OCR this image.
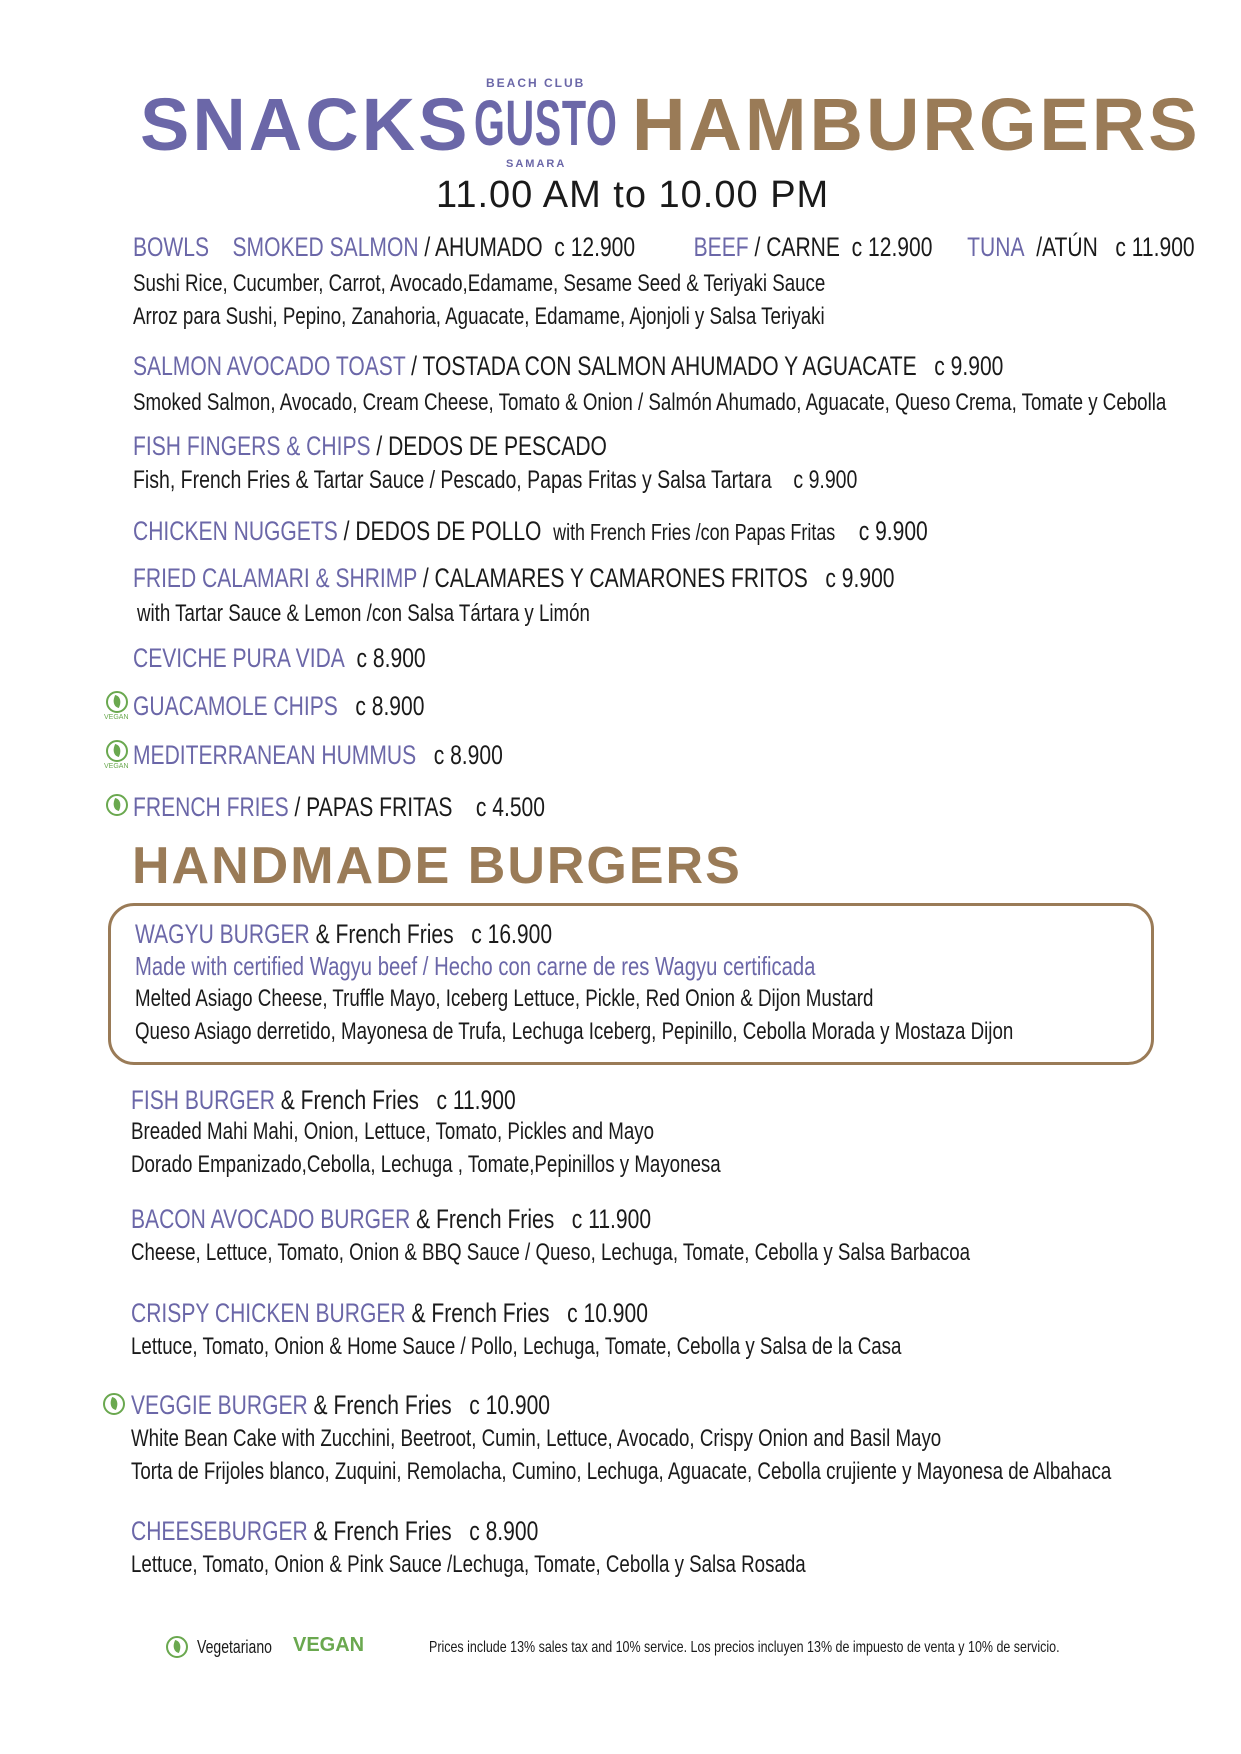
SNACKS HAMBURGERS
BEACH CLUB
GUSTO
SAMARA
11.00 AM to 10.00 PM
BOWLS SMOKED SALMON / AHUMADO c 12.900 BEEF / CARNE c 12.900 TUNA  /ATÚN c 11.900
Sushi Rice, Cucumber, Carrot, Avocado,Edamame, Sesame Seed & Teriyaki Sauce
Arroz para Sushi, Pepino, Zanahoria, Aguacate, Edamame, Ajonjoli y Salsa Teriyaki
SALMON AVOCADO TOAST / TOSTADA CON SALMON AHUMADO Y AGUACATE c 9.900
Smoked Salmon, Avocado, Cream Cheese, Tomato & Onion / Salmón Ahumado, Aguacate, Queso Crema, Tomate y Cebolla
FISH FINGERS & CHIPS / DEDOS DE PESCADO
Fish, French Fries & Tartar Sauce / Pescado, Papas Fritas y Salsa Tartara c 9.900
CHICKEN NUGGETS / DEDOS DE POLLO with French Fries /con Papas Fritas c 9.900
FRIED CALAMARI & SHRIMP / CALAMARES Y CAMARONES FRITOS c 9.900
with Tartar Sauce & Lemon /con Salsa Tártara y Limón
CEVICHE PURA VIDA c 8.900
VEGAN GUACAMOLE CHIPS c 8.900
VEGAN MEDITERRANEAN HUMMUS c 8.900
FRENCH FRIES / PAPAS FRITAS c 4.500
HANDMADE BURGERS
WAGYU BURGER & French Fries c 16.900
Made with certified Wagyu beef / Hecho con carne de res Wagyu certificada
Melted Asiago Cheese, Truffle Mayo, Iceberg Lettuce, Pickle, Red Onion & Dijon Mustard
Queso Asiago derretido, Mayonesa de Trufa, Lechuga Iceberg, Pepinillo, Cebolla Morada y Mostaza Dijon
FISH BURGER & French Fries c 11.900
Breaded Mahi Mahi, Onion, Lettuce, Tomato, Pickles and Mayo
Dorado Empanizado,Cebolla, Lechuga , Tomate,Pepinillos y Mayonesa
BACON AVOCADO BURGER & French Fries c 11.900
Cheese, Lettuce, Tomato, Onion & BBQ Sauce / Queso, Lechuga, Tomate, Cebolla y Salsa Barbacoa
CRISPY CHICKEN BURGER & French Fries c 10.900
Lettuce, Tomato, Onion & Home Sauce / Pollo, Lechuga, Tomate, Cebolla y Salsa de la Casa
VEGGIE BURGER & French Fries c 10.900
White Bean Cake with Zucchini, Beetroot, Cumin, Lettuce, Avocado, Crispy Onion and Basil Mayo
Torta de Frijoles blanco, Zuquini, Remolacha, Cumino, Lechuga, Aguacate, Cebolla crujiente y Mayonesa de Albahaca
CHEESEBURGER & French Fries c 8.900
Lettuce, Tomato, Onion & Pink Sauce /Lechuga, Tomate, Cebolla y Salsa Rosada
Vegetariano VEGAN	Prices include 13% sales tax and 10% service. Los precios incluyen 13% de impuesto de venta y 10% de servicio.
